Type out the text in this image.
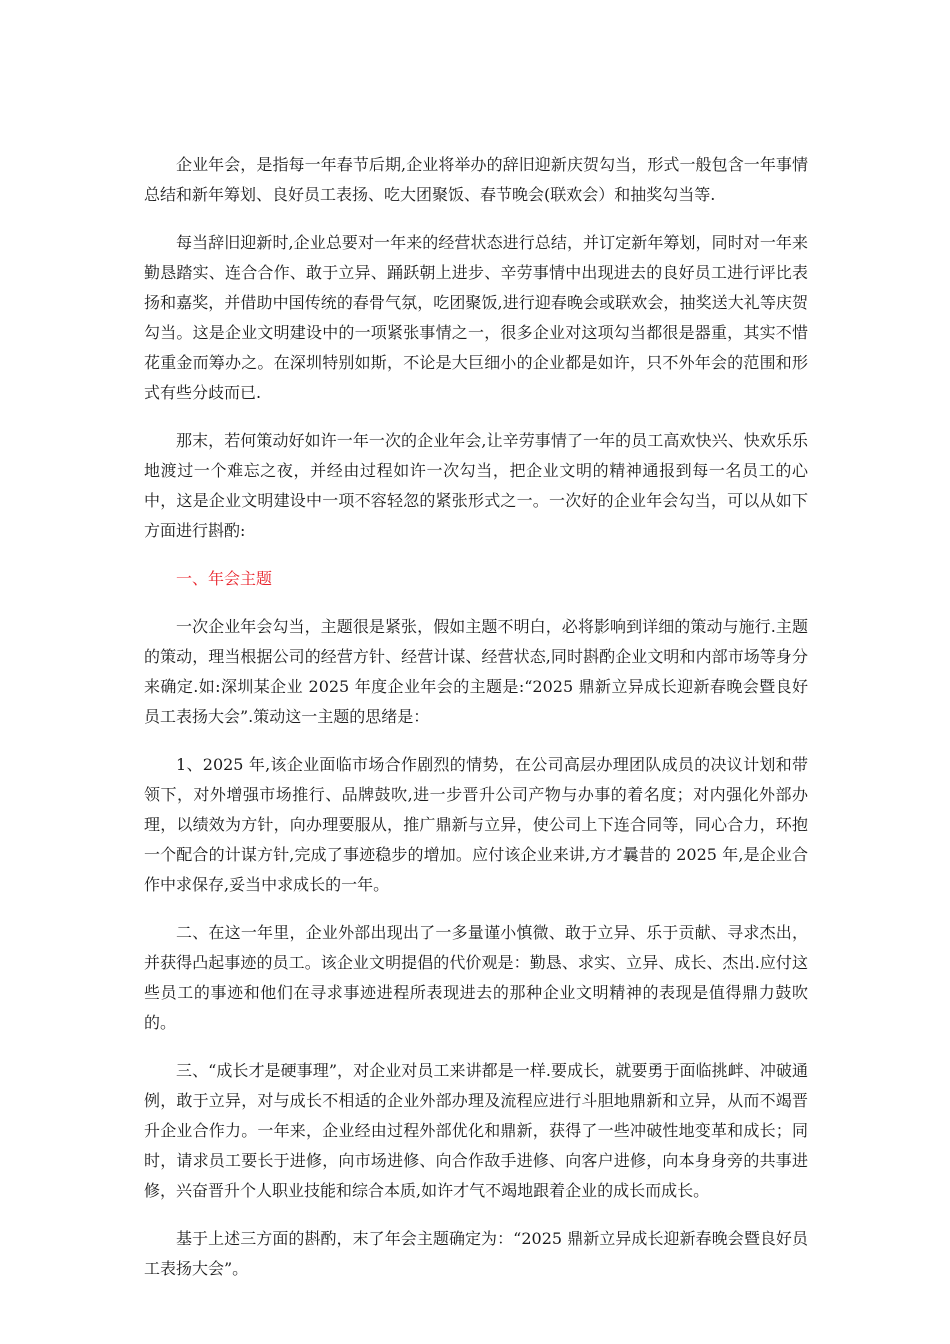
企业年会，是指每一年春节后期,企业将举办的辞旧迎新庆贺勾当，形式一般包含一年事情总结和新年筹划、良好员工表扬、吃大团聚饭、春节晚会(联欢会）和抽奖勾当等.

每当辞旧迎新时,企业总要对一年来的经营状态进行总结，并订定新年筹划，同时对一年来勤恳踏实、连合合作、敢于立异、踊跃朝上进步、辛劳事情中出现进去的良好员工进行评比表扬和嘉奖，并借助中国传统的春骨气氛，吃团聚饭,进行迎春晚会或联欢会，抽奖送大礼等庆贺勾当。这是企业文明建设中的一项紧张事情之一，很多企业对这项勾当都很是器重，其实不惜花重金而筹办之。在深圳特别如斯，不论是大巨细小的企业都是如许，只不外年会的范围和形式有些分歧而已.

那末，若何策动好如许一年一次的企业年会,让辛劳事情了一年的员工高欢快兴、快欢乐乐地渡过一个难忘之夜，并经由过程如许一次勾当，把企业文明的精神通报到每一名员工的心中，这是企业文明建设中一项不容轻忽的紧张形式之一。一次好的企业年会勾当，可以从如下方面进行斟酌:

一、年会主题

一次企业年会勾当，主题很是紧张，假如主题不明白，必将影响到详细的策动与施行.主题的策动，理当根据公司的经营方针、经营计谋、经营状态,同时斟酌企业文明和内部市场等身分来确定.如:深圳某企业 2025 年度企业年会的主题是:“2025 鼎新立异成长迎新春晚会暨良好员工表扬大会”.策动这一主题的思绪是：

1、2025 年,该企业面临市场合作剧烈的情势，在公司高层办理团队成员的决议计划和带领下，对外增强市场推行、品牌鼓吹,进一步晋升公司产物与办事的着名度；对内强化外部办理，以绩效为方针，向办理要服从，推广鼎新与立异，使公司上下连合同等，同心合力，环抱一个配合的计谋方针,完成了事迹稳步的增加。应付该企业来讲,方才曩昔的 2025 年,是企业合作中求保存,妥当中求成长的一年。

二、在这一年里，企业外部出现出了一多量谨小慎微、敢于立异、乐于贡献、寻求杰出，并获得凸起事迹的员工。该企业文明提倡的代价观是：勤恳、求实、立异、成长、杰出.应付这些员工的事迹和他们在寻求事迹进程所表现进去的那种企业文明精神的表现是值得鼎力鼓吹的。

三、“成长才是硬事理”，对企业对员工来讲都是一样.要成长，就要勇于面临挑衅、冲破通例，敢于立异，对与成长不相适的企业外部办理及流程应进行斗胆地鼎新和立异，从而不竭晋升企业合作力。一年来，企业经由过程外部优化和鼎新，获得了一些冲破性地变革和成长；同时，请求员工要长于进修，向市场进修、向合作敌手进修、向客户进修，向本身身旁的共事进修，兴奋晋升个人职业技能和综合本质,如许才气不竭地跟着企业的成长而成长。

基于上述三方面的斟酌，末了年会主题确定为：“2025 鼎新立异成长迎新春晚会暨良好员工表扬大会”。
